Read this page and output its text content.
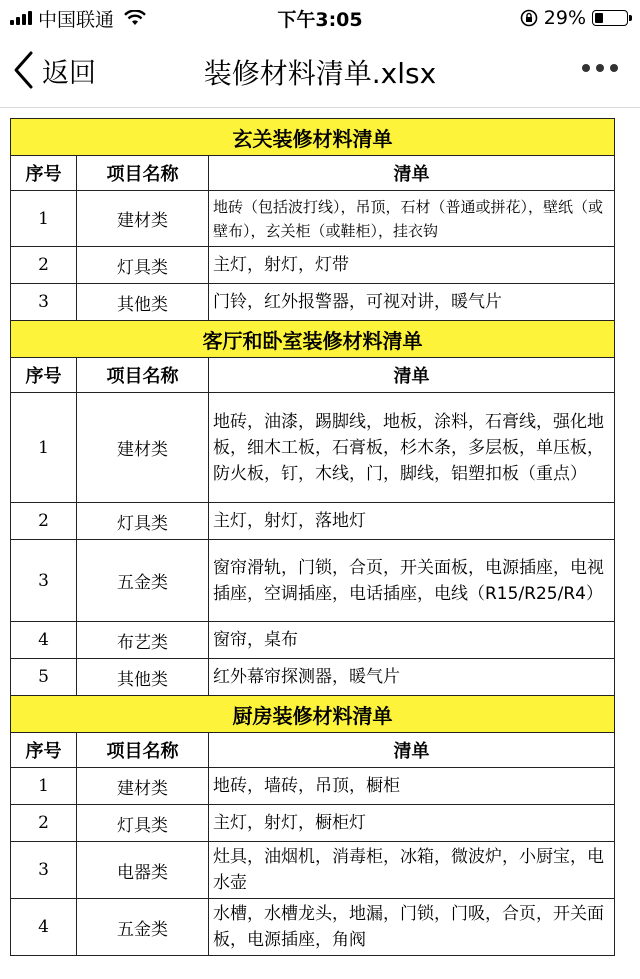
中国联通	下午3:05	29%
返回	装修材料清单.xlsx
玄关装修材料清单		
序号	项目名称	清单
1	建材类	地砖（包括波打线），吊顶，石材（普通或拼花），壁纸（或壁布），玄关柜（或鞋柜），挂衣钩
2	灯具类	主灯，射灯，灯带
3	其他类	门铃，红外报警器，可视对讲，暖气片
客厅和卧室装修材料清单		
序号	项目名称	清单
1	建材类	地砖，油漆，踢脚线，地板，涂料，石膏线，强化地板，细木工板，石膏板，杉木条，多层板，单压板，防火板，钉，木线，门，脚线，铝塑扣板（重点）
2	灯具类	主灯，射灯，落地灯
3	五金类	窗帘滑轨，门锁，合页，开关面板，电源插座，电视插座，空调插座，电话插座，电线（R15/R25/R4）
4	布艺类	窗帘，桌布
5	其他类	红外幕帘探测器，暖气片
厨房装修材料清单		
序号	项目名称	清单
1	建材类	地砖，墙砖，吊顶，橱柜
2	灯具类	主灯，射灯，橱柜灯
3	电器类	灶具，油烟机，消毒柜，冰箱，微波炉，小厨宝，电水壶
4	五金类	水槽，水槽龙头，地漏，门锁，门吸，合页，开关面板，电源插座，角阀
